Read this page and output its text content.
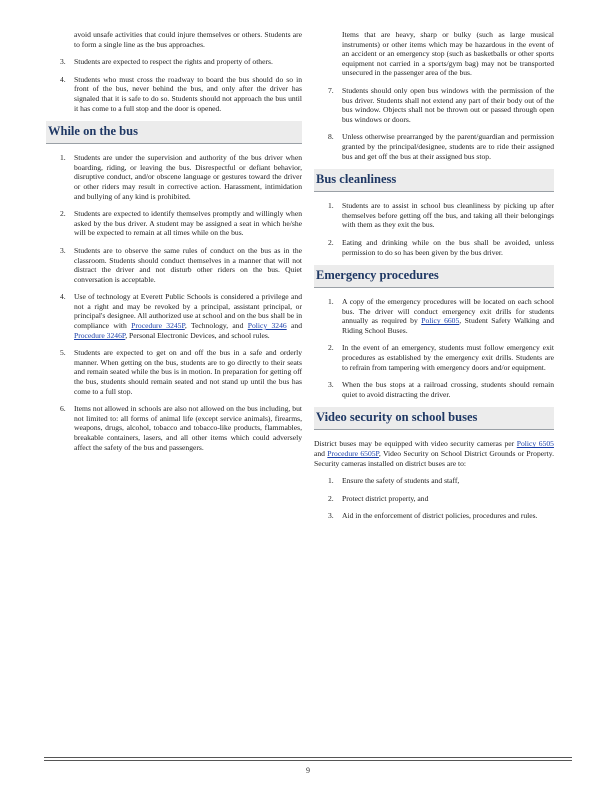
avoid unsafe activities that could injure themselves or others. Students are to form a single line as the bus approaches.
3. Students are expected to respect the rights and property of others.
4. Students who must cross the roadway to board the bus should do so in front of the bus, never behind the bus, and only after the driver has signaled that it is safe to do so. Students should not approach the bus until it has come to a full stop and the door is opened.
While on the bus
1. Students are under the supervision and authority of the bus driver when boarding, riding, or leaving the bus. Disrespectful or defiant behavior, disruptive conduct, and/or obscene language or gestures toward the driver or other riders may result in corrective action. Harassment, intimidation and bullying of any kind is prohibited.
2. Students are expected to identify themselves promptly and willingly when asked by the bus driver. A student may be assigned a seat in which he/she will be expected to remain at all times while on the bus.
3. Students are to observe the same rules of conduct on the bus as in the classroom. Students should conduct themselves in a manner that will not distract the driver and not disturb other riders on the bus. Quiet conversation is acceptable.
4. Use of technology at Everett Public Schools is considered a privilege and not a right and may be revoked by a principal, assistant principal, or principal's designee. All authorized use at school and on the bus shall be in compliance with Procedure 3245P, Technology, and Policy 3246 and Procedure 3246P, Personal Electronic Devices, and school rules.
5. Students are expected to get on and off the bus in a safe and orderly manner. When getting on the bus, students are to go directly to their seats and remain seated while the bus is in motion. In preparation for getting off the bus, students should remain seated and not stand up until the bus has come to a full stop.
6. Items not allowed in schools are also not allowed on the bus including, but not limited to: all forms of animal life (except service animals), firearms, weapons, drugs, alcohol, tobacco and tobacco-like products, flammables, breakable containers, lasers, and all other items which could adversely affect the safety of the bus and passengers.
Items that are heavy, sharp or bulky (such as large musical instruments) or other items which may be hazardous in the event of an accident or an emergency stop (such as basketballs or other sports equipment not carried in a sports/gym bag) may not be transported unsecured in the passenger area of the bus.
7. Students should only open bus windows with the permission of the bus driver. Students shall not extend any part of their body out of the bus window. Objects shall not be thrown out or passed through open bus windows or doors.
8. Unless otherwise prearranged by the parent/guardian and permission granted by the principal/designee, students are to ride their assigned bus and get off the bus at their assigned bus stop.
Bus cleanliness
1. Students are to assist in school bus cleanliness by picking up after themselves before getting off the bus, and taking all their belongings with them as they exit the bus.
2. Eating and drinking while on the bus shall be avoided, unless permission to do so has been given by the bus driver.
Emergency procedures
1. A copy of the emergency procedures will be located on each school bus. The driver will conduct emergency exit drills for students annually as required by Policy 6605, Student Safety Walking and Riding School Buses.
2. In the event of an emergency, students must follow emergency exit procedures as established by the emergency exit drills. Students are to refrain from tampering with emergency doors and/or equipment.
3. When the bus stops at a railroad crossing, students should remain quiet to avoid distracting the driver.
Video security on school buses
District buses may be equipped with video security cameras per Policy 6505 and Procedure 6505P, Video Security on School District Grounds or Property. Security cameras installed on district buses are to:
1. Ensure the safety of students and staff,
2. Protect district property, and
3. Aid in the enforcement of district policies, procedures and rules.
9
